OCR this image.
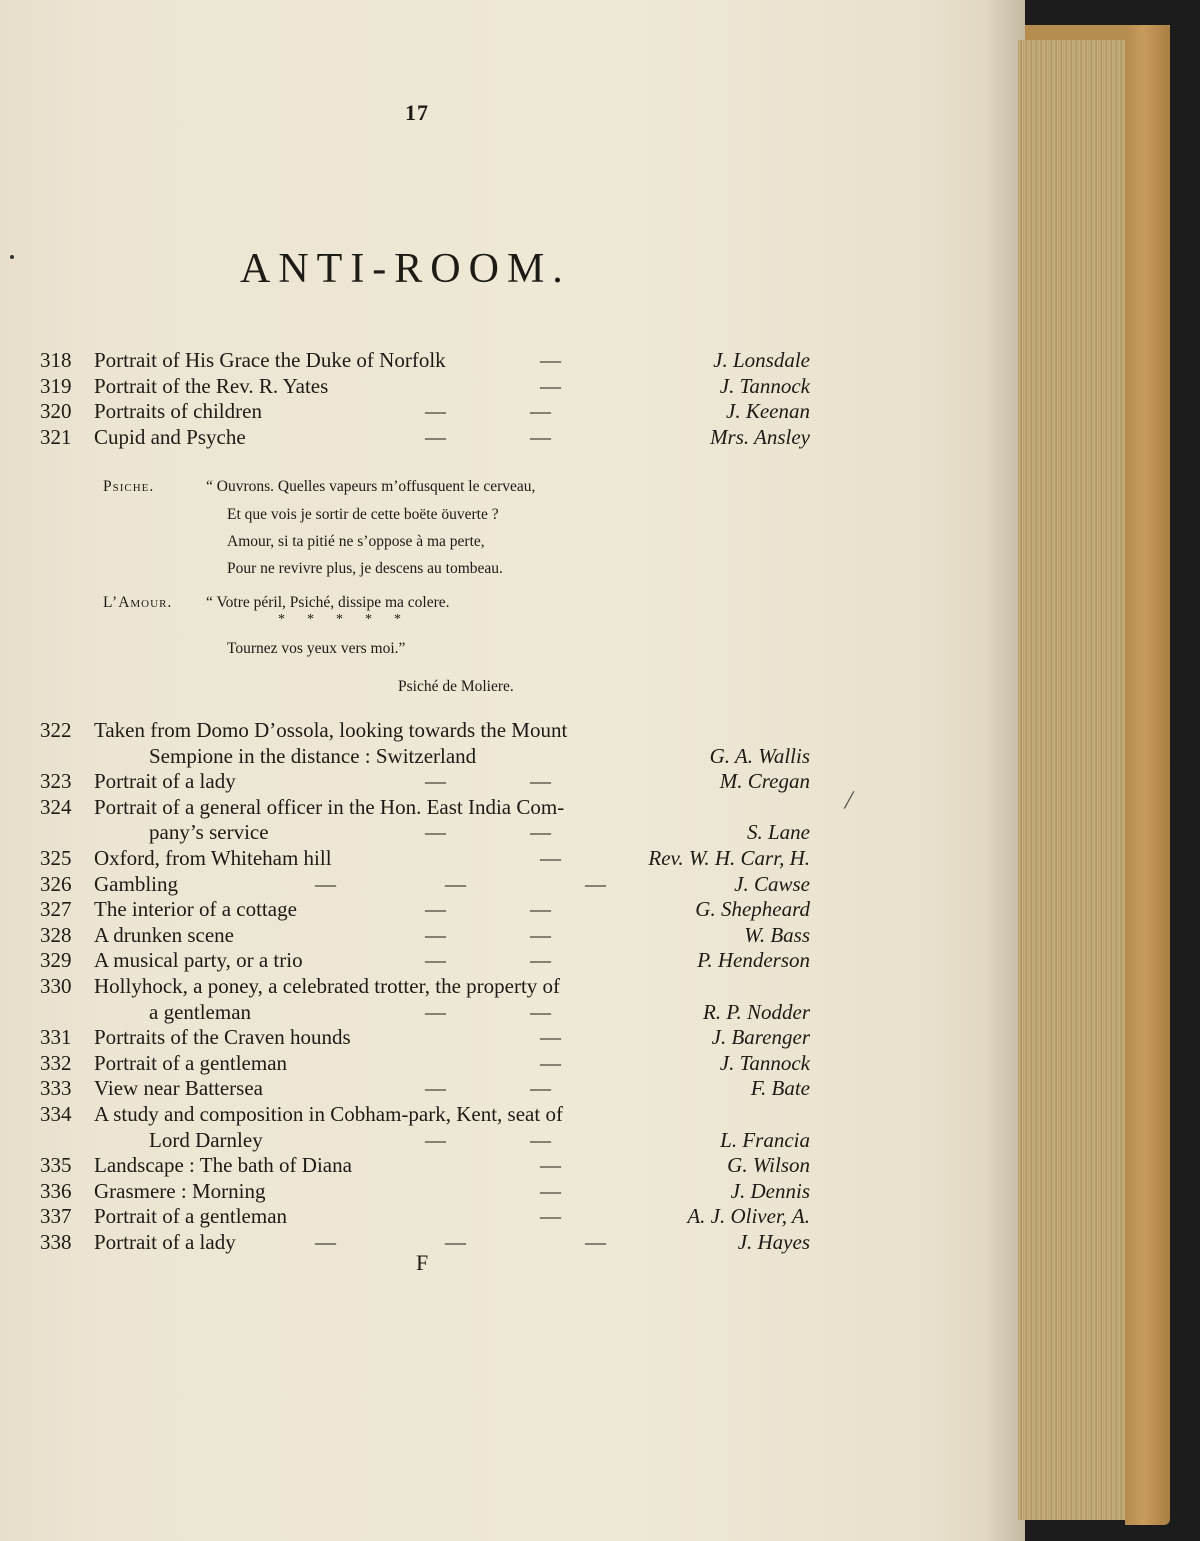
/
17
ANTI-ROOM.
318	Portrait of His Grace the Duke of Norfolk	—	J. Lonsdale
319	Portrait of the Rev. R. Yates	—	J. Tannock
320	Portraits of children	—	—	J. Keenan
321	Cupid and Psyche	—	—	Mrs. Ansley
Psiche.	“ Ouvrons. Quelles vapeurs m’offusquent le cerveau,
Et que vois je sortir de cette boëte öuverte ?
Amour, si ta pitié ne s’oppose à ma perte,
Pour ne revivre plus, je descens au tombeau.
L’Amour. “ Votre péril, Psiché, dissipe ma colere.
*****
Tournez vos yeux vers moi.”
Psiché de Moliere.
322	Taken from Domo D’ossola, looking towards the Mount
Sempione in the distance : Switzerland	G. A. Wallis
323	Portrait of a lady	—	—	M. Cregan
324	Portrait of a general officer in the Hon. East India Com-
pany’s service	—	—	S. Lane
325	Oxford, from Whiteham hill	—	Rev. W. H. Carr, H.
326	Gambling	—	—	—	J. Cawse
327	The interior of a cottage	—	—	G. Shepheard
328	A drunken scene	—	—	W. Bass
329	A musical party, or a trio	—	—	P. Henderson
330	Hollyhock, a poney, a celebrated trotter, the property of
a gentleman	—	—	R. P. Nodder
331	Portraits of the Craven hounds	—	J. Barenger
332	Portrait of a gentleman	—	J. Tannock
333	View near Battersea	—	—	F. Bate
334	A study and composition in Cobham-park, Kent, seat of
Lord Darnley	—	—	L. Francia
335	Landscape : The bath of Diana	—	G. Wilson
336	Grasmere : Morning	—	J. Dennis
337	Portrait of a gentleman	—	A. J. Oliver, A.
338	Portrait of a lady	—	—	—	J. Hayes
F
